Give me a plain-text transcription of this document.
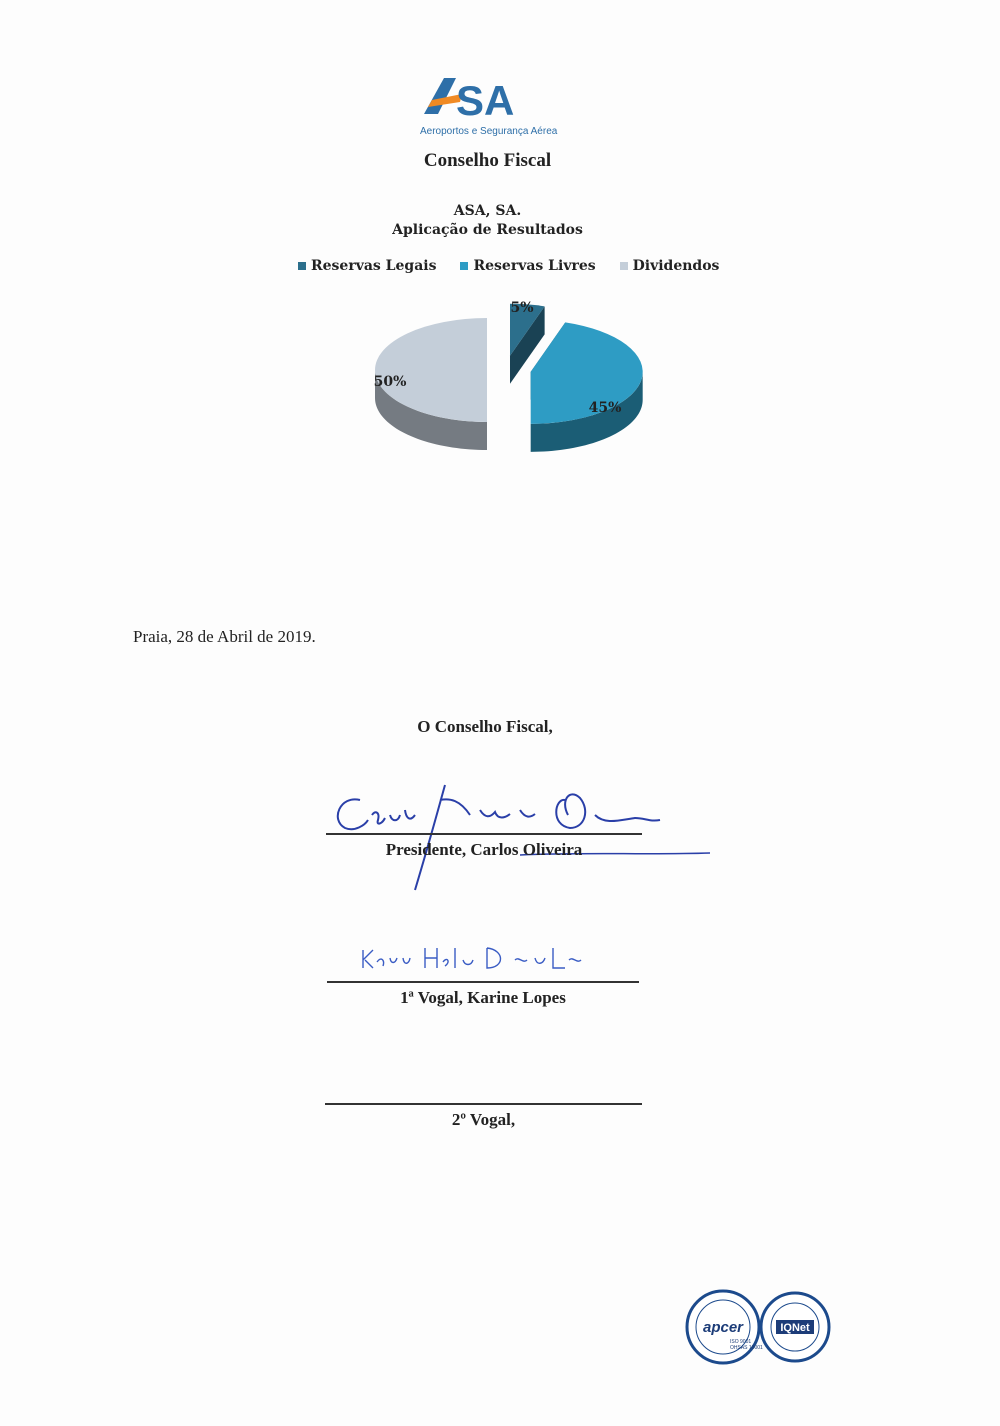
SA
Aeroportos e Segurança Aérea
Conselho Fiscal
ASA, SA.
Aplicação de Resultados
Reservas Legais	Reservas Livres	Dividendos
5%
45%
50%
Praia, 28 de Abril de 2019.
O Conselho Fiscal,
Presidente, Carlos Oliveira
1ª Vogal, Karine Lopes
2º Vogal,
apcer
ISO 9001
OHSAS 18001
IQNet
